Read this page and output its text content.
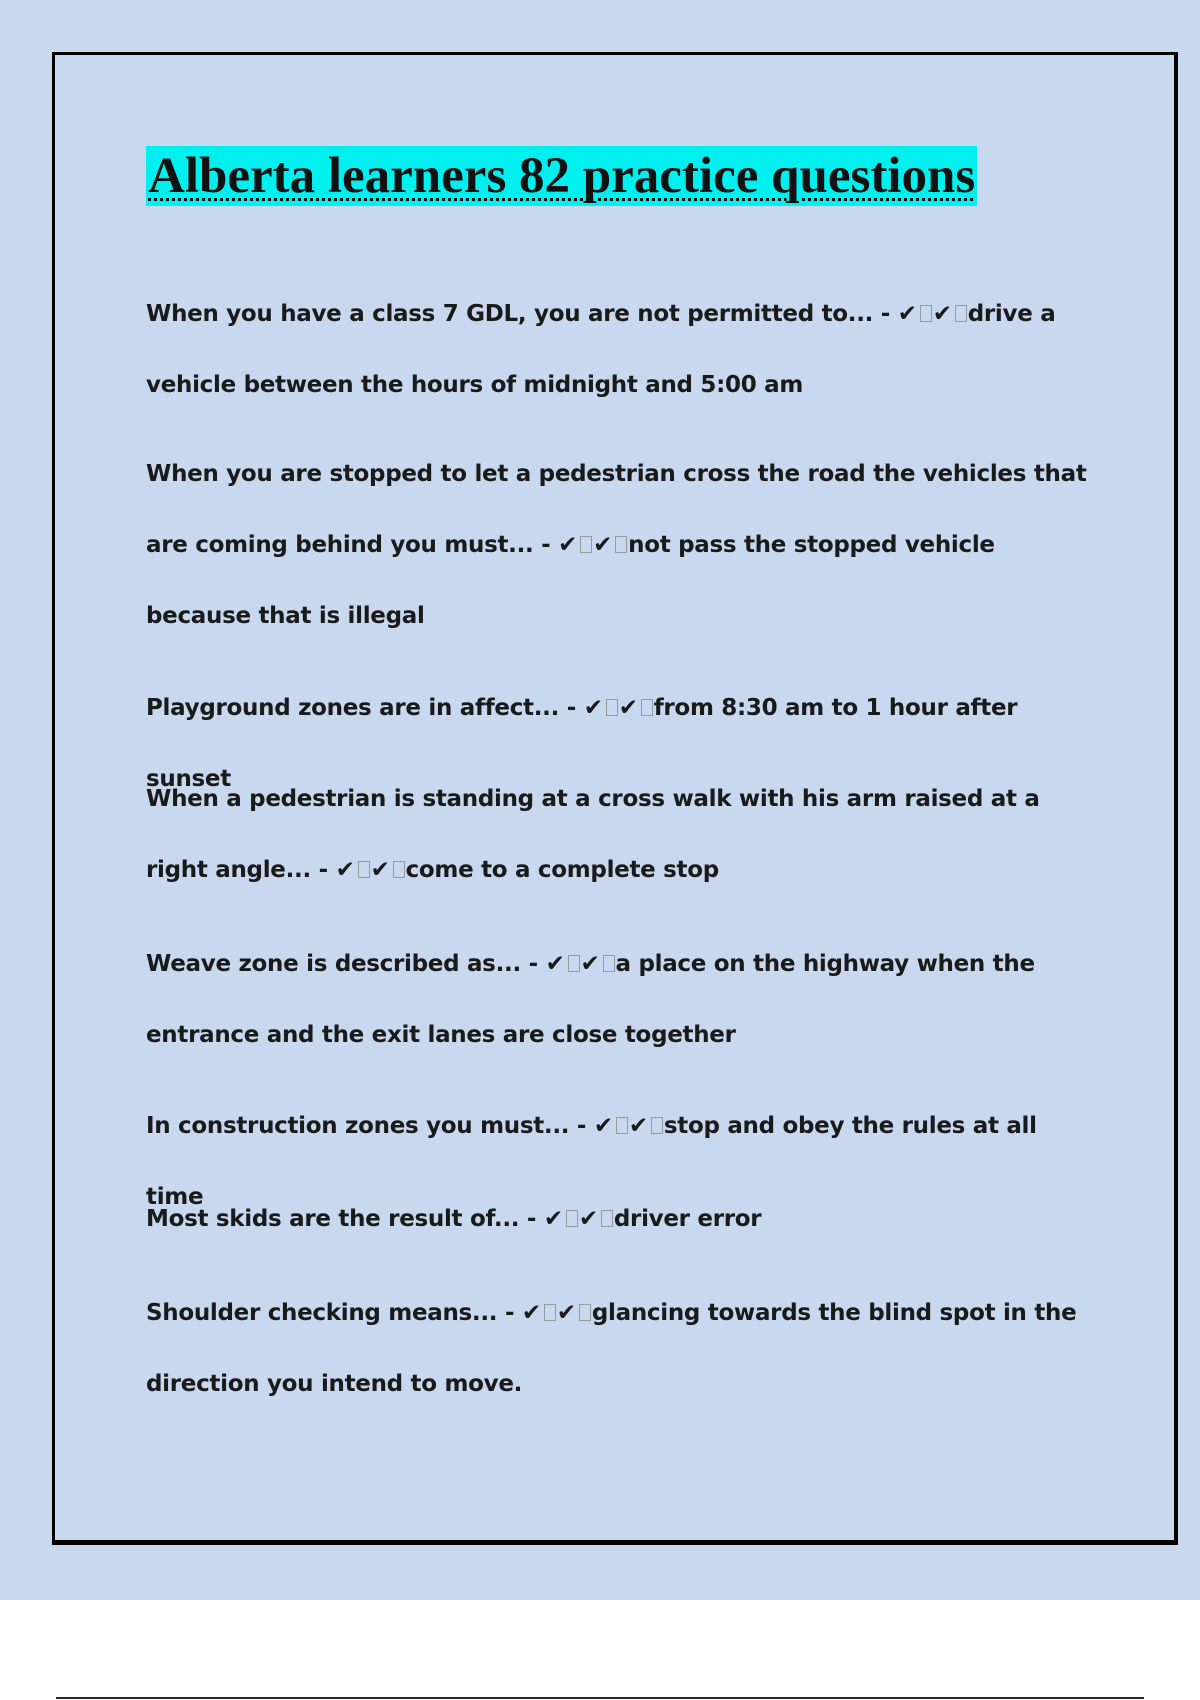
Alberta learners 82 practice questions
When you have a class 7 GDL, you are not permitted to... - ✔ ✔ drive a vehicle between the hours of midnight and 5:00 am
When you are stopped to let a pedestrian cross the road the vehicles that are coming behind you must... - ✔ ✔ not pass the stopped vehicle because that is illegal
Playground zones are in affect... - ✔ ✔ from 8:30 am to 1 hour after sunset
When a pedestrian is standing at a cross walk with his arm raised at a right angle... - ✔ ✔ come to a complete stop
Weave zone is described as... - ✔ ✔ a place on the highway when the entrance and the exit lanes are close together
In construction zones you must... - ✔ ✔ stop and obey the rules at all time
Most skids are the result of... - ✔ ✔ driver error
Shoulder checking means... - ✔ ✔ glancing towards the blind spot in the direction you intend to move.
